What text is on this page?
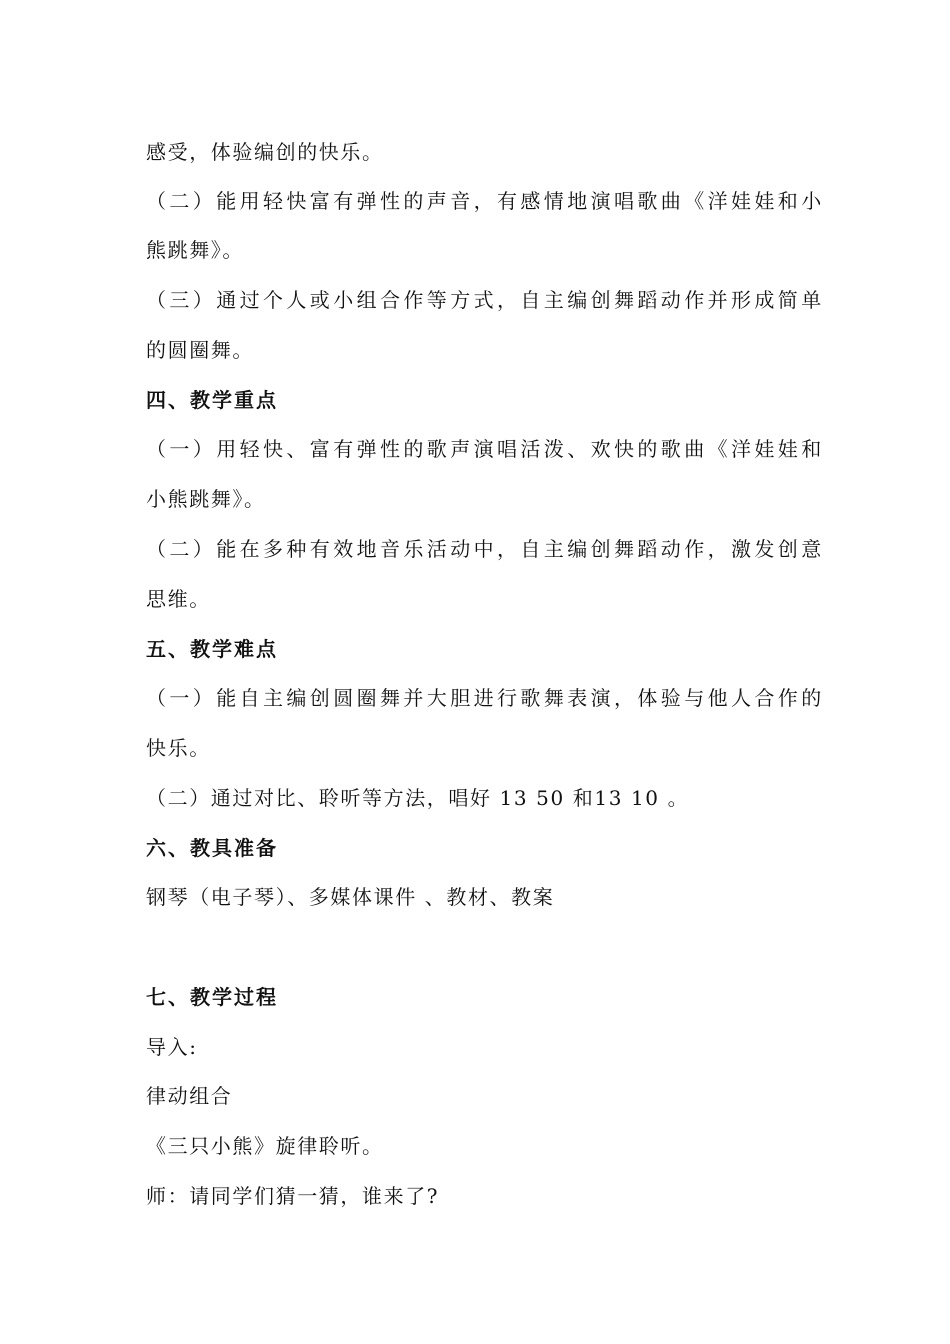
感受，体验编创的快乐。
（二）能用轻快富有弹性的声音，有感情地演唱歌曲《洋娃娃和小
熊跳舞》。
（三）通过个人或小组合作等方式，自主编创舞蹈动作并形成简单
的圆圈舞。
四、教学重点
（一）用轻快、富有弹性的歌声演唱活泼、欢快的歌曲《洋娃娃和
小熊跳舞》。
（二）能在多种有效地音乐活动中，自主编创舞蹈动作，激发创意
思维。
五、教学难点
（一）能自主编创圆圈舞并大胆进行歌舞表演，体验与他人合作的
快乐。
（二）通过对比、聆听等方法，唱好 13 50 和13 10 。
六、教具准备
钢琴（电子琴）、多媒体课件 、教材、教案
七、教学过程
导入:
律动组合
《三只小熊》旋律聆听。
师：请同学们猜一猜，谁来了?
